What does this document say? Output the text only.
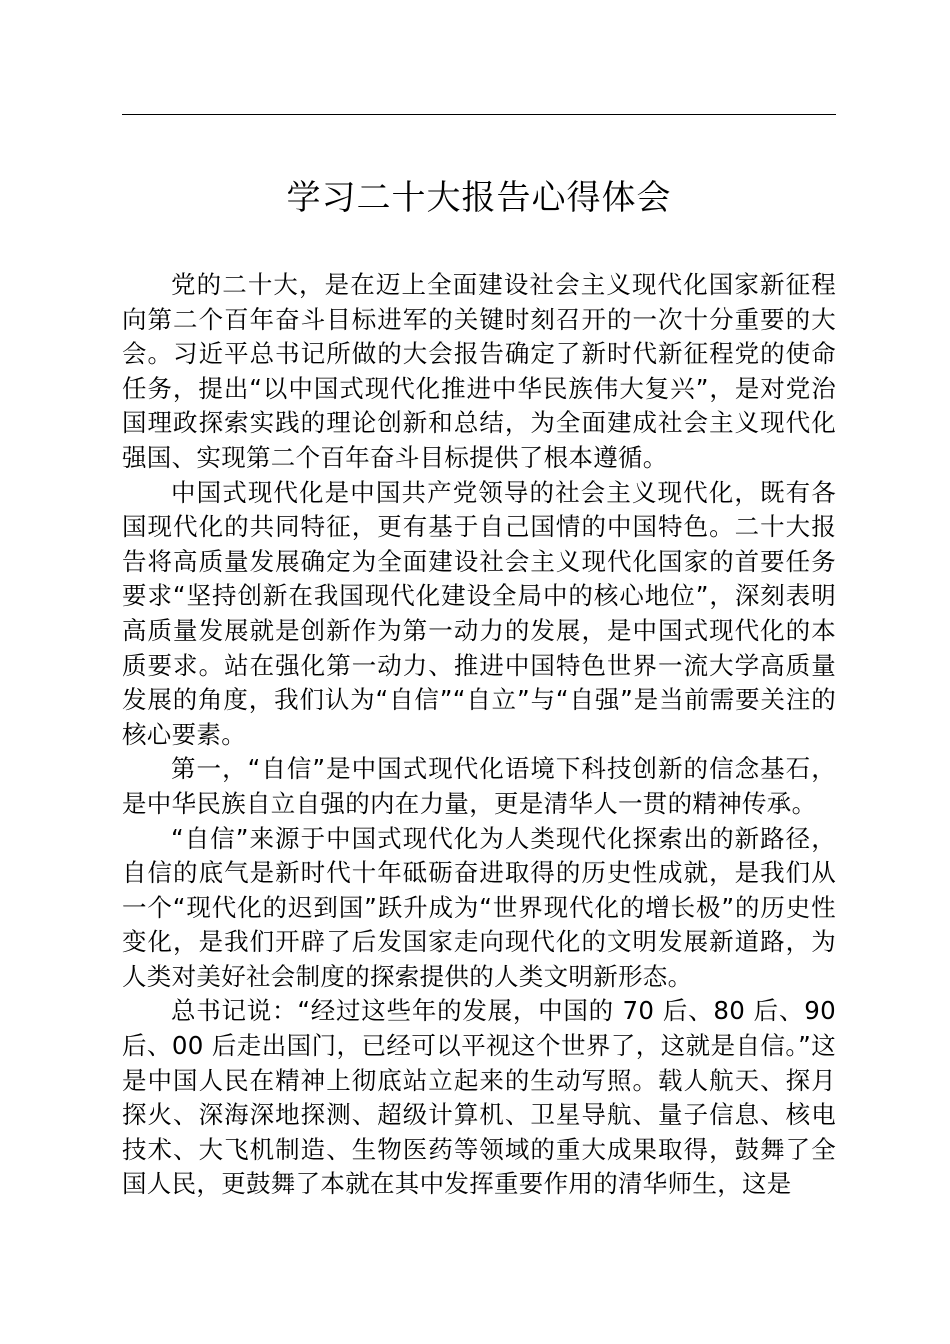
学习二十大报告心得体会

党的二十大，是在迈上全面建设社会主义现代化国家新征程向第二个百年奋斗目标进军的关键时刻召开的一次十分重要的大会。习近平总书记所做的大会报告确定了新时代新征程党的使命任务，提出“以中国式现代化推进中华民族伟大复兴”，是对党治国理政探索实践的理论创新和总结，为全面建成社会主义现代化强国、实现第二个百年奋斗目标提供了根本遵循。

中国式现代化是中国共产党领导的社会主义现代化，既有各国现代化的共同特征，更有基于自己国情的中国特色。二十大报告将高质量发展确定为全面建设社会主义现代化国家的首要任务要求“坚持创新在我国现代化建设全局中的核心地位”，深刻表明高质量发展就是创新作为第一动力的发展，是中国式现代化的本质要求。站在强化第一动力、推进中国特色世界一流大学高质量发展的角度，我们认为“自信”“自立”与“自强”是当前需要关注的核心要素。

第一，“自信”是中国式现代化语境下科技创新的信念基石，是中华民族自立自强的内在力量，更是清华人一贯的精神传承。

“自信”来源于中国式现代化为人类现代化探索出的新路径，自信的底气是新时代十年砥砺奋进取得的历史性成就，是我们从一个“现代化的迟到国”跃升成为“世界现代化的增长极”的历史性变化，是我们开辟了后发国家走向现代化的文明发展新道路，为人类对美好社会制度的探索提供的人类文明新形态。

总书记说：“经过这些年的发展，中国的 70 后、80 后、90 后、00 后走出国门，已经可以平视这个世界了，这就是自信。”这是中国人民在精神上彻底站立起来的生动写照。载人航天、探月探火、深海深地探测、超级计算机、卫星导航、量子信息、核电技术、大飞机制造、生物医药等领域的重大成果取得，鼓舞了全国人民，更鼓舞了本就在其中发挥重要作用的清华师生，这是
